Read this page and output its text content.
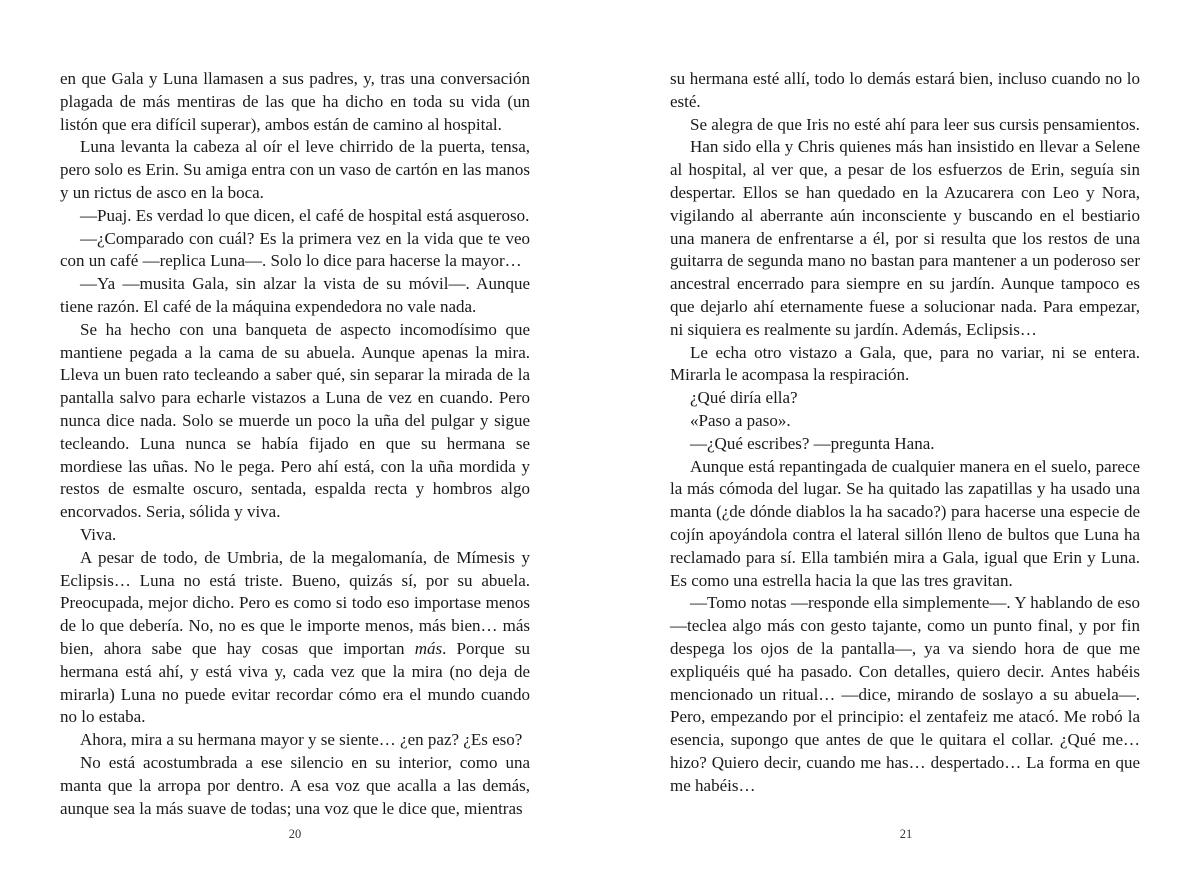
en que Gala y Luna llamasen a sus padres, y, tras una conversación plagada de más mentiras de las que ha dicho en toda su vida (un listón que era difícil superar), ambos están de camino al hospital.

Luna levanta la cabeza al oír el leve chirrido de la puerta, tensa, pero solo es Erin. Su amiga entra con un vaso de cartón en las manos y un rictus de asco en la boca.

—Puaj. Es verdad lo que dicen, el café de hospital está asqueroso.

—¿Comparado con cuál? Es la primera vez en la vida que te veo con un café —replica Luna—. Solo lo dice para hacerse la mayor…

—Ya —musita Gala, sin alzar la vista de su móvil—. Aunque tiene razón. El café de la máquina expendedora no vale nada.

Se ha hecho con una banqueta de aspecto incomodísimo que mantiene pegada a la cama de su abuela. Aunque apenas la mira. Lleva un buen rato tecleando a saber qué, sin separar la mirada de la pantalla salvo para echarle vistazos a Luna de vez en cuando. Pero nunca dice nada. Solo se muerde un poco la uña del pulgar y sigue tecleando. Luna nunca se había fijado en que su hermana se mordiese las uñas. No le pega. Pero ahí está, con la uña mordida y restos de esmalte oscuro, sentada, espalda recta y hombros algo encorvados. Seria, sólida y viva.

Viva.

A pesar de todo, de Umbria, de la megalomanía, de Mímesis y Eclipsis… Luna no está triste. Bueno, quizás sí, por su abuela. Preocupada, mejor dicho. Pero es como si todo eso importase menos de lo que debería. No, no es que le importe menos, más bien… más bien, ahora sabe que hay cosas que importan más. Porque su hermana está ahí, y está viva y, cada vez que la mira (no deja de mirarla) Luna no puede evitar recordar cómo era el mundo cuando no lo estaba.

Ahora, mira a su hermana mayor y se siente… ¿en paz? ¿Es eso?

No está acostumbrada a ese silencio en su interior, como una manta que la arropa por dentro. A esa voz que acalla a las demás, aunque sea la más suave de todas; una voz que le dice que, mientras

su hermana esté allí, todo lo demás estará bien, incluso cuando no lo esté.

Se alegra de que Iris no esté ahí para leer sus cursis pensamientos.

Han sido ella y Chris quienes más han insistido en llevar a Selene al hospital, al ver que, a pesar de los esfuerzos de Erin, seguía sin despertar. Ellos se han quedado en la Azucarera con Leo y Nora, vigilando al aberrante aún inconsciente y buscando en el bestiario una manera de enfrentarse a él, por si resulta que los restos de una guitarra de segunda mano no bastan para mantener a un poderoso ser ancestral encerrado para siempre en su jardín. Aunque tampoco es que dejarlo ahí eternamente fuese a solucionar nada. Para empezar, ni siquiera es realmente su jardín. Además, Eclipsis…

Le echa otro vistazo a Gala, que, para no variar, ni se entera. Mirarla le acompasa la respiración.

¿Qué diría ella?

«Paso a paso».

—¿Qué escribes? —pregunta Hana.

Aunque está repantingada de cualquier manera en el suelo, parece la más cómoda del lugar. Se ha quitado las zapatillas y ha usado una manta (¿de dónde diablos la ha sacado?) para hacerse una especie de cojín apoyándola contra el lateral sillón lleno de bultos que Luna ha reclamado para sí. Ella también mira a Gala, igual que Erin y Luna. Es como una estrella hacia la que las tres gravitan.

—Tomo notas —responde ella simplemente—. Y hablando de eso —teclea algo más con gesto tajante, como un punto final, y por fin despega los ojos de la pantalla—, ya va siendo hora de que me expliquéis qué ha pasado. Con detalles, quiero decir. Antes habéis mencionado un ritual… —dice, mirando de soslayo a su abuela—. Pero, empezando por el principio: el zentafeiz me atacó. Me robó la esencia, supongo que antes de que le quitara el collar. ¿Qué me… hizo? Quiero decir, cuando me has… despertado… La forma en que me habéis…

20	21
